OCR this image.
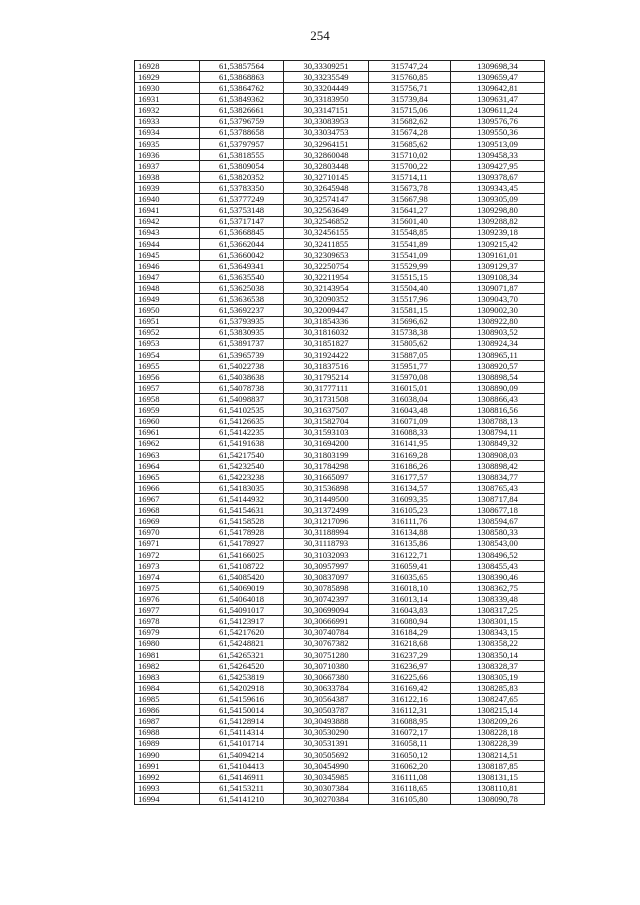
254
16928	61,53857564	30,33309251	315747,24	1309698,34
16929	61,53868863	30,33235549	315760,85	1309659,47
16930	61,53864762	30,33204449	315756,71	1309642,81
16931	61,53849362	30,33183950	315739,84	1309631,47
16932	61,53826661	30,33147151	315715,06	1309611,24
16933	61,53796759	30,33083953	315682,62	1309576,76
16934	61,53788658	30,33034753	315674,28	1309550,36
16935	61,53797957	30,32964151	315685,62	1309513,09
16936	61,53818555	30,32860048	315710,02	1309458,33
16937	61,53809054	30,32803448	315700,22	1309427,95
16938	61,53820352	30,32710145	315714,11	1309378,67
16939	61,53783350	30,32645948	315673,78	1309343,45
16940	61,53777249	30,32574147	315667,98	1309305,09
16941	61,53753148	30,32563649	315641,27	1309298,80
16942	61,53717147	30,32546852	315601,40	1309288,82
16943	61,53668845	30,32456155	315548,85	1309239,18
16944	61,53662044	30,32411855	315541,89	1309215,42
16945	61,53660042	30,32309653	315541,09	1309161,01
16946	61,53649341	30,32250754	315529,99	1309129,37
16947	61,53635540	30,32211954	315515,15	1309108,34
16948	61,53625038	30,32143954	315504,40	1309071,87
16949	61,53636538	30,32090352	315517,96	1309043,70
16950	61,53692237	30,32009447	315581,15	1309002,30
16951	61,53793935	30,31854336	315696,62	1308922,80
16952	61,53830935	30,31816032	315738,38	1308903,52
16953	61,53891737	30,31851827	315805,62	1308924,34
16954	61,53965739	30,31924422	315887,05	1308965,11
16955	61,54022738	30,31837516	315951,77	1308920,57
16956	61,54038638	30,31795214	315970,08	1308898,54
16957	61,54078738	30,31777111	316015,01	1308890,09
16958	61,54098837	30,31731508	316038,04	1308866,43
16959	61,54102535	30,31637507	316043,48	1308816,56
16960	61,54126635	30,31582704	316071,09	1308788,13
16961	61,54142235	30,31593103	316088,33	1308794,11
16962	61,54191638	30,31694200	316141,95	1308849,32
16963	61,54217540	30,31803199	316169,28	1308908,03
16964	61,54232540	30,31784298	316186,26	1308898,42
16965	61,54223238	30,31665097	316177,57	1308834,77
16966	61,54183035	30,31536898	316134,57	1308765,43
16967	61,54144932	30,31449500	316093,35	1308717,84
16968	61,54154631	30,31372499	316105,23	1308677,18
16969	61,54158528	30,31217096	316111,76	1308594,67
16970	61,54178928	30,31188994	316134,88	1308580,33
16971	61,54178927	30,31118793	316135,86	1308543,00
16972	61,54166025	30,31032093	316122,71	1308496,52
16973	61,54108722	30,30957997	316059,41	1308455,43
16974	61,54085420	30,30837097	316035,65	1308390,46
16975	61,54069019	30,30785898	316018,10	1308362,75
16976	61,54064018	30,30742397	316013,14	1308339,48
16977	61,54091017	30,30699094	316043,83	1308317,25
16978	61,54123917	30,30666991	316080,94	1308301,15
16979	61,54217620	30,30740784	316184,29	1308343,15
16980	61,54248821	30,30767382	316218,68	1308358,22
16981	61,54265321	30,30751280	316237,29	1308350,14
16982	61,54264520	30,30710380	316236,97	1308328,37
16983	61,54253819	30,30667380	316225,66	1308305,19
16984	61,54202918	30,30633784	316169,42	1308285,83
16985	61,54159616	30,30564387	316122,16	1308247,65
16986	61,54150014	30,30503787	316112,31	1308215,14
16987	61,54128914	30,30493888	316088,95	1308209,26
16988	61,54114314	30,30530290	316072,17	1308228,18
16989	61,54101714	30,30531391	316058,11	1308228,39
16990	61,54094214	30,30505692	316050,12	1308214,51
16991	61,54104413	30,30454990	316062,20	1308187,85
16992	61,54146911	30,30345985	316111,08	1308131,15
16993	61,54153211	30,30307384	316118,65	1308110,81
16994	61,54141210	30,30270384	316105,80	1308090,78
